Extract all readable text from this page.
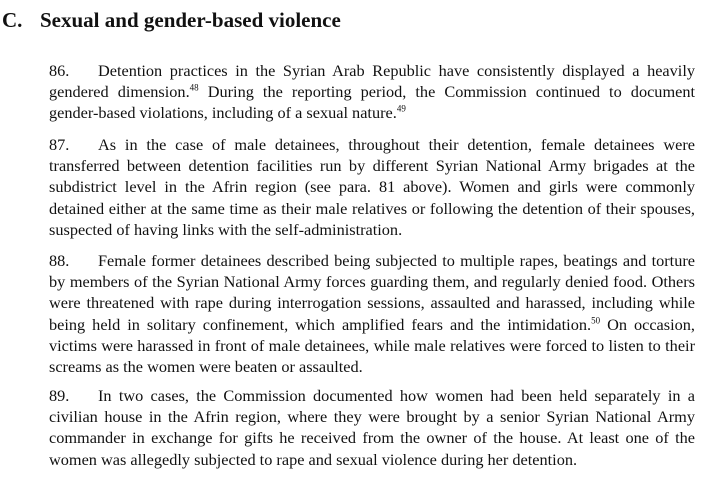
C. Sexual and gender-based violence

86. Detention practices in the Syrian Arab Republic have consistently displayed a heavily gendered dimension.$^{48}$ During the reporting period, the Commission continued to document gender-based violations, including of a sexual nature.$^{49}$

87. As in the case of male detainees, throughout their detention, female detainees were transferred between detention facilities run by different Syrian National Army brigades at the subdistrict level in the Afrin region (see para. 81 above). Women and girls were commonly detained either at the same time as their male relatives or following the detention of their spouses, suspected of having links with the self-administration.

88. Female former detainees described being subjected to multiple rapes, beatings and torture by members of the Syrian National Army forces guarding them, and regularly denied food. Others were threatened with rape during interrogation sessions, assaulted and harassed, including while being held in solitary confinement, which amplified fears and the intimidation.$^{50}$ On occasion, victims were harassed in front of male detainees, while male relatives were forced to listen to their screams as the women were beaten or assaulted.

89. In two cases, the Commission documented how women had been held separately in a civilian house in the Afrin region, where they were brought by a senior Syrian National Army commander in exchange for gifts he received from the owner of the house. At least one of the women was allegedly subjected to rape and sexual violence during her detention.
